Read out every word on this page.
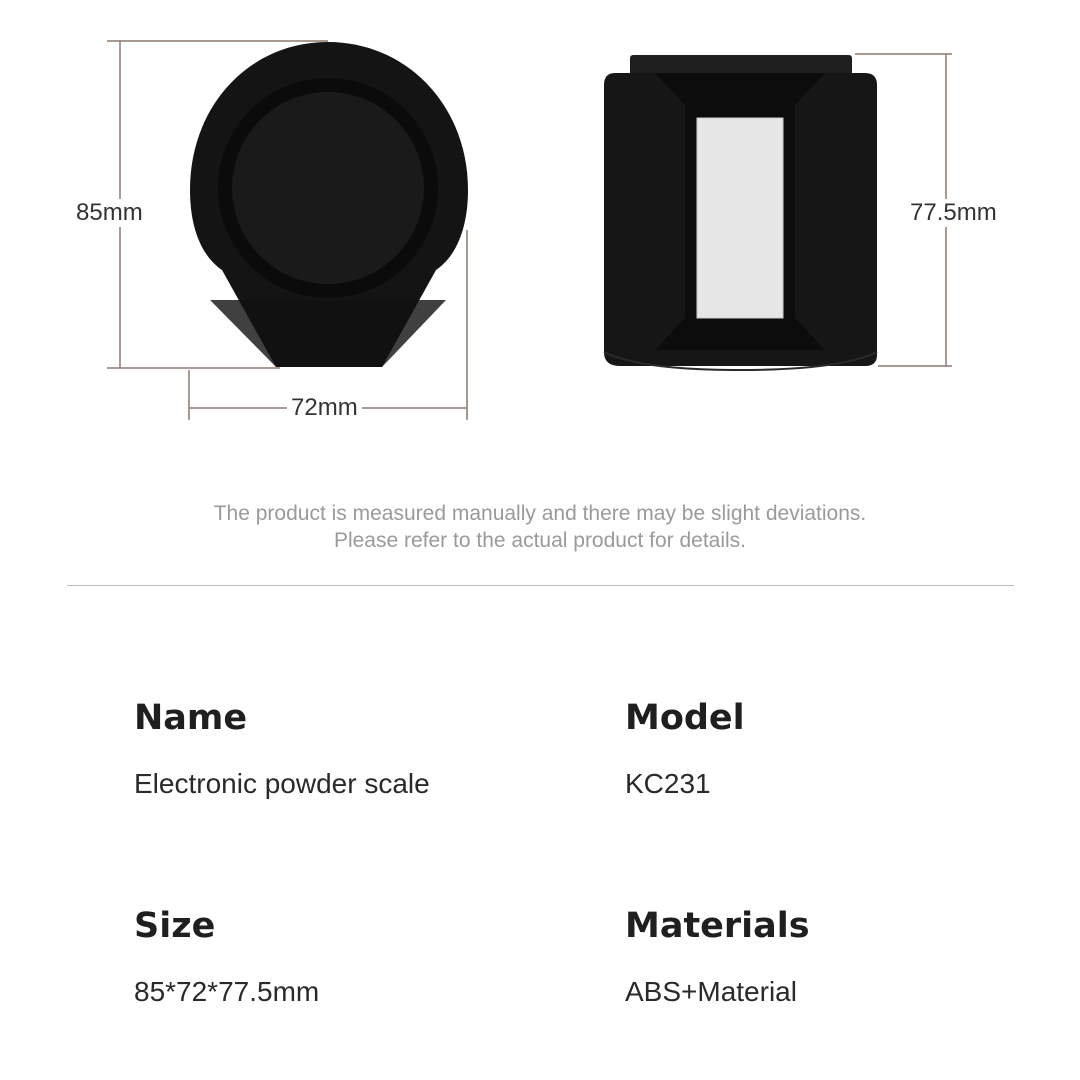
85mm
72mm
77.5mm
The product is measured manually and there may be slight deviations.
Please refer to the actual product for details.
Name
Electronic powder scale
Model
KC231
Size
85*72*77.5mm
Materials
ABS+Material
